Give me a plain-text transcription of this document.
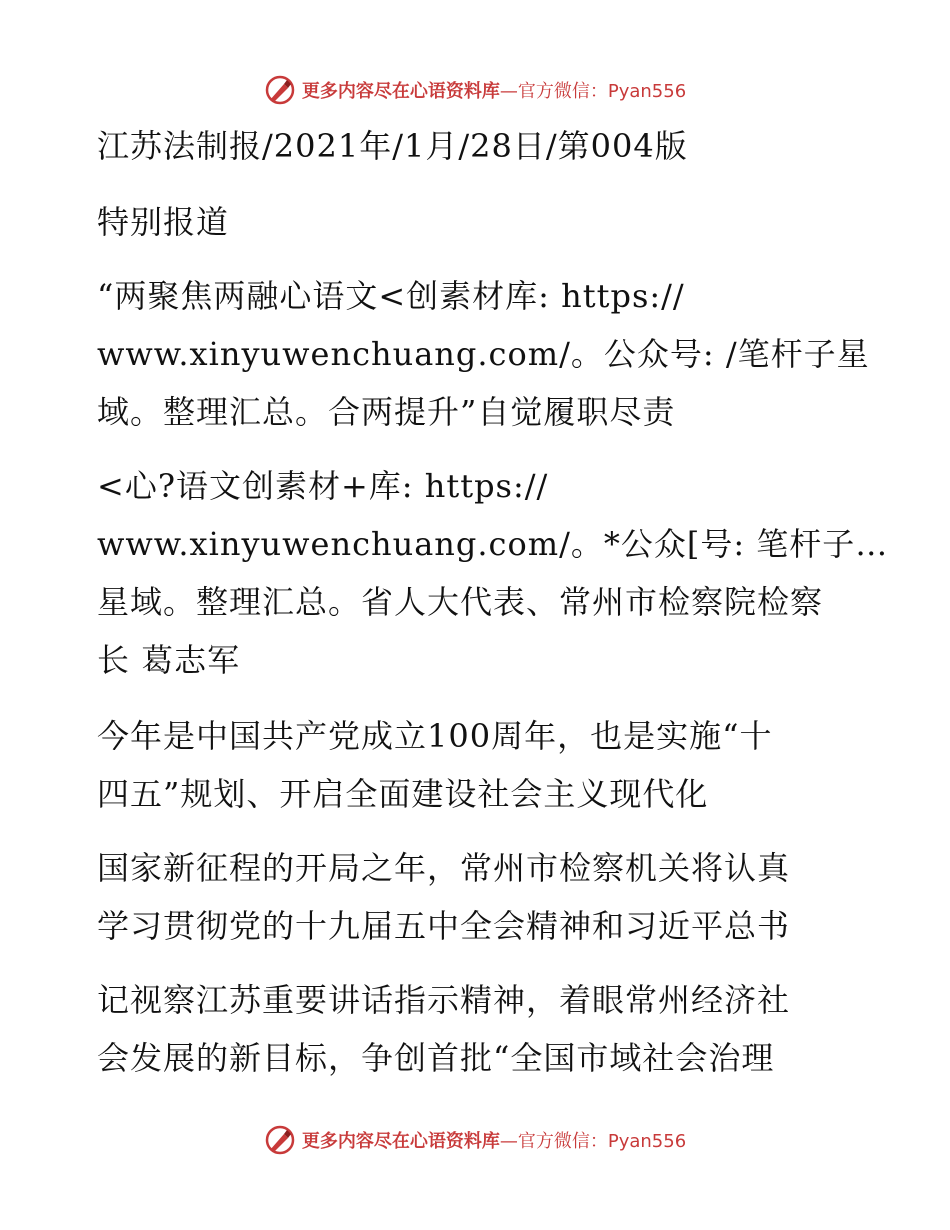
更多内容尽在心语资料库—官方微信：Pyan556
江苏法制报/2021年/1月/28日/第004版
特别报道
“两聚焦两融心语文<创素材库: https://
www.xinyuwenchuang.com/。公众号: /笔杆子星
域。整理汇总。合两提升”自觉履职尽责
<心?语文创素材+库: https://
www.xinyuwenchuang.com/。*公众[号: 笔杆子…
星域。整理汇总。省人大代表、常州市检察院检察
长 葛志军
今年是中国共产党成立100周年，也是实施“十
四五”规划、开启全面建设社会主义现代化
国家新征程的开局之年，常州市检察机关将认真
学习贯彻党的十九届五中全会精神和习近平总书
记视察江苏重要讲话指示精神，着眼常州经济社
会发展的新目标，争创首批“全国市域社会治理
更多内容尽在心语资料库—官方微信：Pyan556
